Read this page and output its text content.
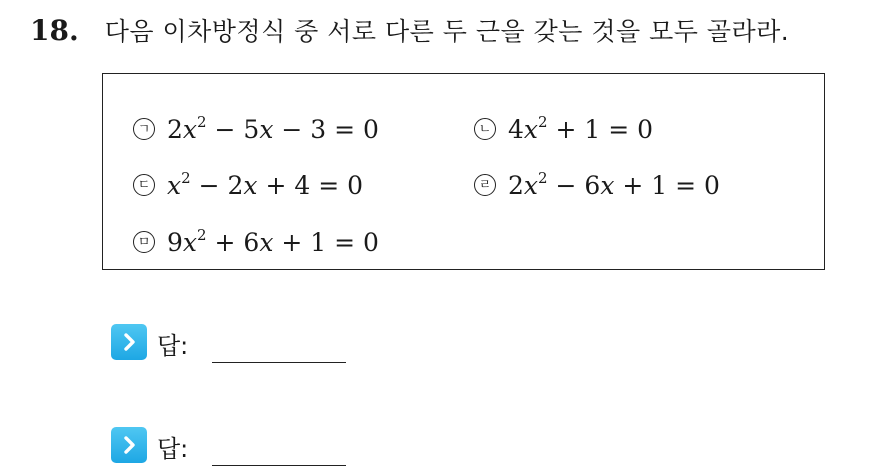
18. 다음 이차방정식 중 서로 다른 두 근을 갖는 것을 모두 골라라.
ㄱ $2x^2 - 5x - 3 = 0$	ㄴ $4x^2 + 1 = 0$
ㄷ $x^2 - 2x + 4 = 0$	ㄹ $2x^2 - 6x + 1 = 0$
ㅁ $9x^2 + 6x + 1 = 0$
답:
답:
